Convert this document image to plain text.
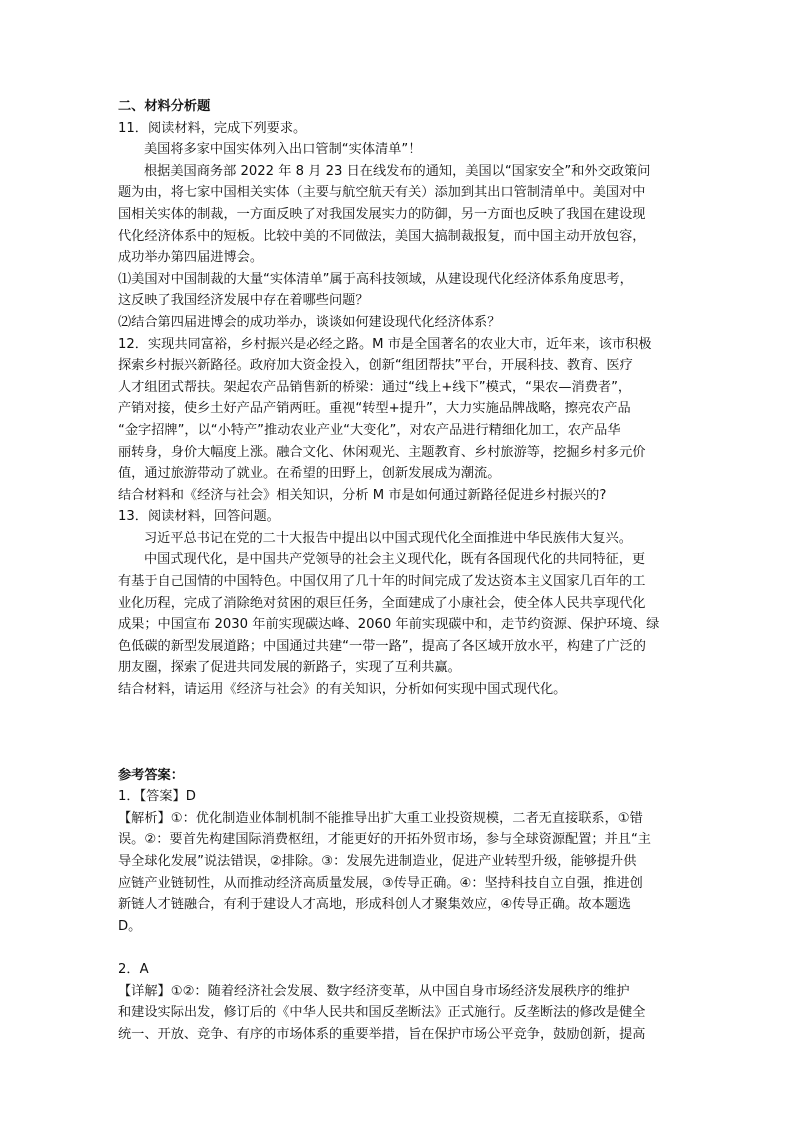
二、材料分析题
11．阅读材料，完成下列要求。
美国将多家中国实体列入出口管制“实体清单”！
根据美国商务部 2022 年 8 月 23 日在线发布的通知，美国以“国家安全”和外交政策问
题为由，将七家中国相关实体（主要与航空航天有关）添加到其出口管制清单中。美国对中
国相关实体的制裁，一方面反映了对我国发展实力的防御，另一方面也反映了我国在建设现
代化经济体系中的短板。比较中美的不同做法，美国大搞制裁报复，而中国主动开放包容，
成功举办第四届进博会。
⑴美国对中国制裁的大量“实体清单”属于高科技领域，从建设现代化经济体系角度思考，
这反映了我国经济发展中存在着哪些问题？
⑵结合第四届进博会的成功举办，谈谈如何建设现代化经济体系？
12．实现共同富裕，乡村振兴是必经之路。M 市是全国著名的农业大市，近年来，该市积极
探索乡村振兴新路径。政府加大资金投入，创新“组团帮扶”平台，开展科技、教育、医疗
人才组团式帮扶。架起农产品销售新的桥梁：通过“线上+线下”模式，“果农—消费者”，
产销对接，使乡土好产品产销两旺。重视“转型+提升”，大力实施品牌战略，擦亮农产品
“金字招牌”，以“小特产”推动农业产业“大变化”，对农产品进行精细化加工，农产品华
丽转身，身价大幅度上涨。融合文化、休闲观光、主题教育、乡村旅游等，挖掘乡村多元价
值，通过旅游带动了就业。在希望的田野上，创新发展成为潮流。
结合材料和《经济与社会》相关知识，分析 M 市是如何通过新路径促进乡村振兴的?
13．阅读材料，回答问题。
习近平总书记在党的二十大报告中提出以中国式现代化全面推进中华民族伟大复兴。
中国式现代化，是中国共产党领导的社会主义现代化，既有各国现代化的共同特征，更
有基于自己国情的中国特色。中国仅用了几十年的时间完成了发达资本主义国家几百年的工
业化历程，完成了消除绝对贫困的艰巨任务，全面建成了小康社会，使全体人民共享现代化
成果；中国宣布 2030 年前实现碳达峰、2060 年前实现碳中和，走节约资源、保护环境、绿
色低碳的新型发展道路；中国通过共建“一带一路”，提高了各区域开放水平，构建了广泛的
朋友圈，探索了促进共同发展的新路子，实现了互利共赢。
结合材料，请运用《经济与社会》的有关知识，分析如何实现中国式现代化。
参考答案：
1．【答案】D
【解析】①：优化制造业体制机制不能推导出扩大重工业投资规模，二者无直接联系，①错
误。②：要首先构建国际消费枢纽，才能更好的开拓外贸市场，参与全球资源配置；并且“主
导全球化发展”说法错误，②排除。③：发展先进制造业，促进产业转型升级，能够提升供
应链产业链韧性，从而推动经济高质量发展，③传导正确。④：坚持科技自立自强，推进创
新链人才链融合，有利于建设人才高地，形成科创人才聚集效应，④传导正确。故本题选
D。
2．A
【详解】①②：随着经济社会发展、数字经济变革，从中国自身市场经济发展秩序的维护
和建设实际出发，修订后的《中华人民共和国反垄断法》正式施行。反垄断法的修改是健全
统一、开放、竞争、有序的市场体系的重要举措，旨在保护市场公平竞争，鼓励创新，提高
